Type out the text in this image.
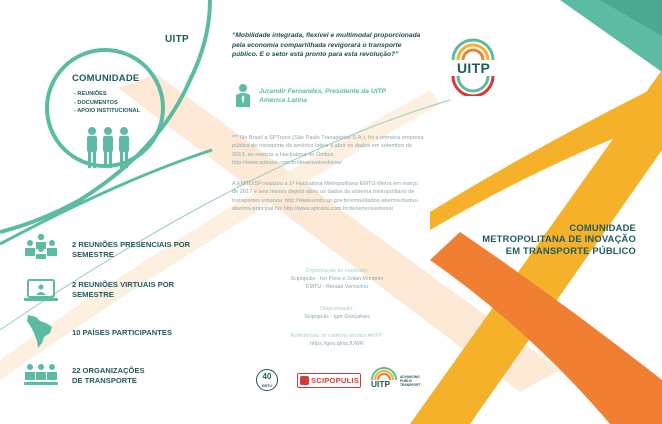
UITP
COMUNIDADE
- REUNIÕES
- DOCUMENTOS
- APOIO INSTITUCIONAL
2 REUNIÕES PRESENCIAIS POR
SEMESTRE
2 REUNIÕES VIRTUAIS POR
SEMESTRE
10 PAÍSES PARTICIPANTES
22 ORGANIZAÇÕES
DE TRANSPORTE
“Mobilidade integrada, flexível e multimodal proporcionada pela economia compartilhada revigorará o transporte público. E o setor está pronto para esta revolução?”
Jurandir Fernandes, Presidente da UITP
América Latina
*** No Brasil a SPTrans (São Paulo Transportes S.A.), foi a primeira empresa pública de transporte da américa latina a abrir os dados em setembro de 2013, ao realizar a Hackatona do Ônibus. http://www.sptrans.com.br/desenvolvedores/
A EMTU/SP realizou a 1ª Hackatona Metropolitana EMTU-Metra em março de 2017 e seis meses depois abriu os dados do sistema metropolitano de transportes urbanos: http://www.emtu.sp.gov.br/emtu/dados-abertos/dados-abertos-principal.fss http://www.sptrans.com.br/desenvolvedores/
Organização do conteúdo:
Scipopulis - Ivo Pons e Julian Monteiro
EMTU - Renata Verissimo
Diagramação:
Scipopulis - Igor Gonçalves
Referências do caderno técnico ANTP:
https://goo.gl/xpJUWR
40
EMTU
SCIPOPULIS UITP
ADVANCING
PUBLIC
TRANSPORT
UITP
COMUNIDADE
METROPOLITANA DE INOVAÇÃO
EM TRANSPORTE PÚBLICO
